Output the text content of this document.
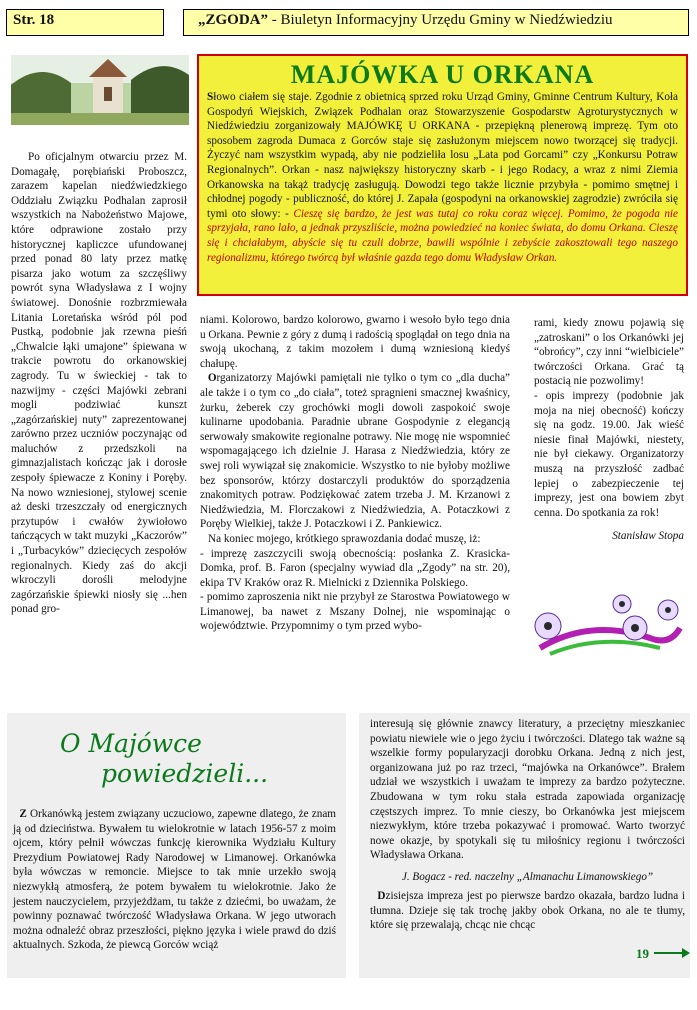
Str. 18	„ZGODA” - Biuletyn Informacyjny Urzędu Gminy w Niedźwiedziu
MAJÓWKA U ORKANA

Słowo ciałem się staje. Zgodnie z obietnicą sprzed roku Urząd Gminy, Gminne Centrum Kultury, Koła Gospodyń Wiejskich, Związek Podhalan oraz Stowarzyszenie Gospodarstw Agroturystycznych w Niedźwiedziu zorganizowały MAJÓWKĘ U ORKANA - przepiękną plenerową imprezę. Tym oto sposobem zagroda Dumaca z Gorców staje się zasłużonym miejscem nowo tworzącej się tradycji. Życzyć nam wszystkim wypadą, aby nie podzieliła losu „Lata pod Gorcami” czy „Konkursu Potraw Regionalnych”. Orkan - nasz największy historyczny skarb - i jego Rodacy, a wraz z nimi Ziemia Orkanowska na takąż tradycję zasługują. Dowodzi tego także licznie przybyła - pomimo smętnej i chłodnej pogody - publiczność, do której J. Zapała (gospodyni na orkanowskiej zagrodzie) zwróciła się tymi oto słowy: - Cieszę się bardzo, że jest was tutaj co roku coraz więcej. Pomimo, że pogoda nie sprzyjała, rano lało, a jednak przyszliście, można powiedzieć na koniec świata, do domu Orkana. Cieszę się i chciałabym, abyście się tu czuli dobrze, bawili wspólnie i zebyście zakosztowali tego naszego regionalizmu, którego twórcą był właśnie gazda tego domu Władysław Orkan.

Po oficjalnym otwarciu przez M. Domagałę, porębiański Proboszcz, zarazem kapelan niedźwiedzkiego Oddziału Związku Podhalan zaprosił wszystkich na Nabożeństwo Majowe, które odprawione zostało przy historycznej kapliczce ufundowanej przed ponad 80 laty przez matkę pisarza jako wotum za szczęśliwy powrót syna Władysława z I wojny światowej. Donośnie rozbrzmiewała Litania Loretańska wśród pól pod Pustką, podobnie jak rzewna pieśń „Chwalcie łąki umajone” śpiewana w trakcie powrotu do orkanowskiej zagrody. Tu w świeckiej - tak to nazwijmy - części Majówki zebrani mogli podziwiać kunszt „zagórzańskiej nuty” zaprezentowanej zarówno przez uczniów poczynając od maluchów z przedszkoli na gimnazjalistach kończąc jak i dorosłe zespoły śpiewacze z Koniny i Poręby. Na nowo wzniesionej, stylowej scenie aż deski trzeszczały od energicznych przytupów i cwałów żywiołowo tańczących w takt muzyki „Kaczorów” i „Turbacyków” dziecięcych zespołów regionalnych. Kiedy zaś do akcji wkroczyli dorośli melodyjne zagórzańskie śpiewki niosły się ...hen ponad gro-

niami. Kolorowo, bardzo kolorowo, gwarno i wesoło było tego dnia u Orkana. Pewnie z góry z dumą i radością spoglądał on tego dnia na swoją ukochaną, z takim mozołem i dumą wzniesioną kiedyś chałupę.

Organizatorzy Majówki pamiętali nie tylko o tym co „dla ducha” ale także i o tym co „do ciała”, toteż spragnieni smacznej kwaśnicy, żurku, żeberek czy grochówki mogli dowoli zaspokoić swoje kulinarne upodobania. Paradnie ubrane Gospodynie z elegancją serwowały smakowite regionalne potrawy. Nie mogę nie wspomnieć wspomagającego ich dzielnie J. Harasa z Niedźwiedzia, który ze swej roli wywiązał się znakomicie. Wszystko to nie byłoby możliwe bez sponsorów, którzy dostarczyli produktów do sporządzenia znakomitych potraw. Podziękować zatem trzeba J. M. Krzanowi z Niedźwiedzia, M. Florczakowi z Niedźwiedzia, A. Potaczkowi z Poręby Wielkiej, także J. Potaczkowi i Z. Pankiewicz.

Na koniec mojego, krótkiego sprawozdania dodać muszę, iż:

- imprezę zaszczycili swoją obecnością: posłanka Z. Krasicka-Domka, prof. B. Faron (specjalny wywiad dla „Zgody” na str. 20), ekipa TV Kraków oraz R. Mielnicki z Dziennika Polskiego.

- pomimo zaproszenia nikt nie przybył ze Starostwa Powiatowego w Limanowej, ba nawet z Mszany Dolnej, nie wspominając o województwie. Przypomnimy o tym przed wybo-

rami, kiedy znowu pojawią się „zatroskani” o los Orkanówki jej “obrońcy”, czy inni “wielbiciele” twórczości Orkana. Grać tą postacią nie pozwolimy!

- opis imprezy (podobnie jak moja na niej obecność) kończy się na godz. 19.00. Jak wieść niesie finał Majówki, niestety, nie był ciekawy. Organizatorzy muszą na przyszłość zadbać lepiej o zabezpieczenie tej imprezy, jest ona bowiem zbyt cenna. Do spotkania za rok!

Stanisław Stopa
O Majówce
powiedzieli...

Z Orkanówką jestem związany uczuciowo, zapewne dlatego, że znam ją od dzieciństwa. Bywałem tu wielokrotnie w latach 1956-57 z moim ojcem, który pełnił wówczas funkcję kierownika Wydziału Kultury Prezydium Powiatowej Rady Narodowej w Limanowej. Orkanówka była wówczas w remoncie. Miejsce to tak mnie urzekło swoją niezwykłą atmosferą, że potem bywałem tu wielokrotnie. Jako że jestem nauczycielem, przyjeżdżam, tu także z dziećmi, bo uważam, że powinny poznawać twórczość Władysława Orkana. W jego utworach można odnaleźć obraz przeszłości, piękno języka i wiele prawd do dziś aktualnych. Szkoda, że piewcą Gorców wciąż

interesują się głównie znawcy literatury, a przeciętny mieszkaniec powiatu niewiele wie o jego życiu i twórczości. Dlatego tak ważne są wszelkie formy popularyzacji dorobku Orkana. Jedną z nich jest, organizowana już po raz trzeci, “majówka na Orkanówce”. Brałem udział we wszystkich i uważam te imprezy za bardzo pożyteczne. Zbudowana w tym roku stała estrada zapowiada organizację częstszych imprez. To mnie cieszy, bo Orkanówka jest miejscem niezwykłym, które trzeba pokazywać i promować. Warto tworzyć nowe okazje, by spotykali się tu miłośnicy regionu i twórczości Władysława Orkana.

J. Bogacz - red. naczelny „Almanachu Limanowskiego”

Dzisiejsza impreza jest po pierwsze bardzo okazała, bardzo ludna i tłumna. Dzieje się tak trochę jakby obok Orkana, no ale te tłumy, które się przewalają, chcąc nie chcąc

19
